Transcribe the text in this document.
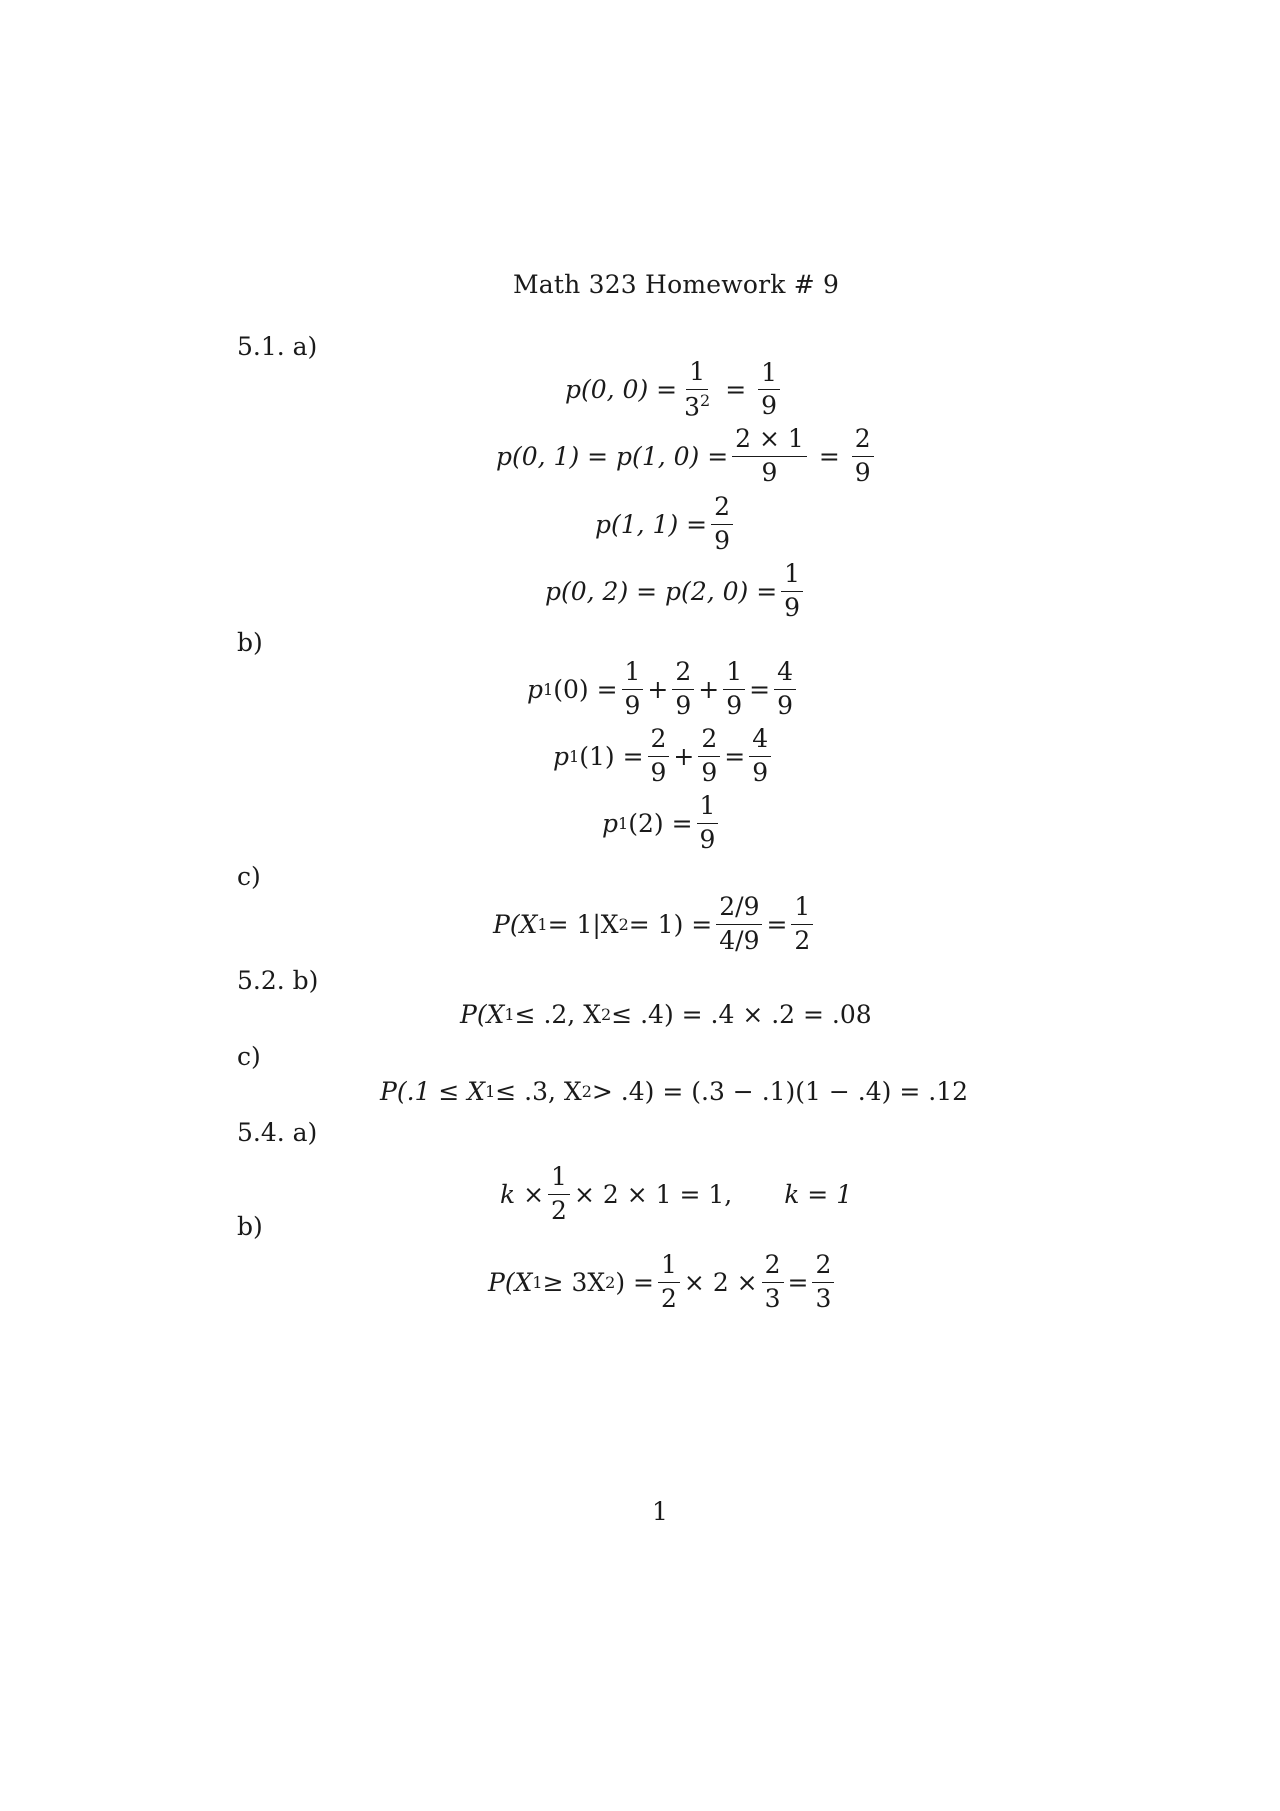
Math 323 Homework # 9
5.1. a)
b)
c)
5.2. b)
c)
5.4. a)
b)
p(0, $0) = \frac{1}{3^2} = \frac{1}{9}$
p(0, 1) = p(1, $0) = \frac{2 \times 1}{9} = \frac{2}{9}$
p(1, $1) = \frac{2}{9}$
p(0, 2) = p(2, $0) = \frac{1}{9}$
p 1 $(0) = \frac{1}{9} + \frac{2}{9} + \frac{1}{9} = \frac{4}{9}$
p 1 $(1) = \frac{2}{9} + \frac{2}{9} = \frac{4}{9}$
p 1 $(2) = \frac{1}{9}$
P(X 1 = 1|X $2 = 1) = \frac{2/9}{4/9} = \frac{1}{2}$
P(X 1 ≤ .2, X 2 ≤ .4) = .4 × .2 = .08
P(.1 ≤ X 1 ≤ .3, X 2 > .4) = (.3 − .1)(1 − .4) = .12
$k \times \frac{1}{2} \times 2 \times 1 = 1$, k = 1
P(X 1 ≥ 3X 2 ) = $\frac{1}{2} \times 2 \times \frac{2}{3} = \frac{2}{3}$
1
